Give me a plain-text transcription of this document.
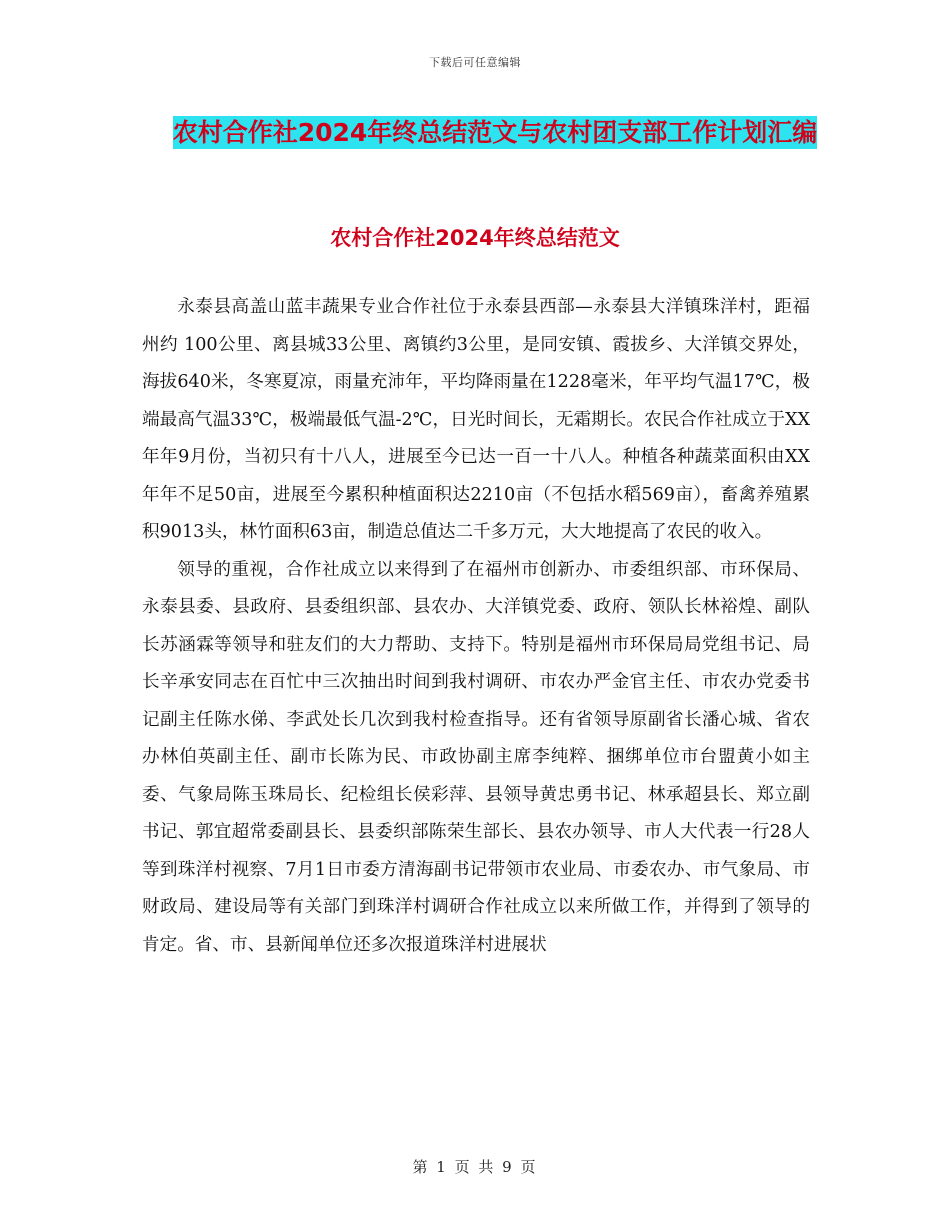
下载后可任意编辑
农村合作社2024年终总结范文与农村团支部工作计划汇编
农村合作社2024年终总结范文

永泰县高盖山蓝丰蔬果专业合作社位于永泰县西部—永泰县大洋镇珠洋村，距福州约 100公里、离县城33公里、离镇约3公里，是同安镇、霞拔乡、大洋镇交界处，海拔640米，冬寒夏凉，雨量充沛年，平均降雨量在1228毫米，年平均气温17℃，极端最高气温33℃，极端最低气温-2℃，日光时间长，无霜期长。农民合作社成立于XX年年9月份，当初只有十八人，进展至今已达一百一十八人。种植各种蔬菜面积由XX年年不足50亩，进展至今累积种植面积达2210亩（不包括水稻569亩），畜禽养殖累积9013头，林竹面积63亩，制造总值达二千多万元，大大地提高了农民的收入。

领导的重视，合作社成立以来得到了在福州市创新办、市委组织部、市环保局、永泰县委、县政府、县委组织部、县农办、大洋镇党委、政府、领队长林裕煌、副队长苏涵霖等领导和驻友们的大力帮助、支持下。特别是福州市环保局局党组书记、局长辛承安同志在百忙中三次抽出时间到我村调研、市农办严金官主任、市农办党委书记副主任陈水俤、李武处长几次到我村检查指导。还有省领导原副省长潘心城、省农办林伯英副主任、副市长陈为民、市政协副主席李纯粹、捆绑单位市台盟黄小如主委、气象局陈玉珠局长、纪检组长侯彩萍、县领导黄忠勇书记、林承超县长、郑立副书记、郭宜超常委副县长、县委织部陈荣生部长、县农办领导、市人大代表一行28人等到珠洋村视察、7月1日市委方清海副书记带领市农业局、市委农办、市气象局、市财政局、建设局等有关部门到珠洋村调研合作社成立以来所做工作，并得到了领导的肯定。省、市、县新闻单位还多次报道珠洋村进展状

第 1 页 共 9 页
